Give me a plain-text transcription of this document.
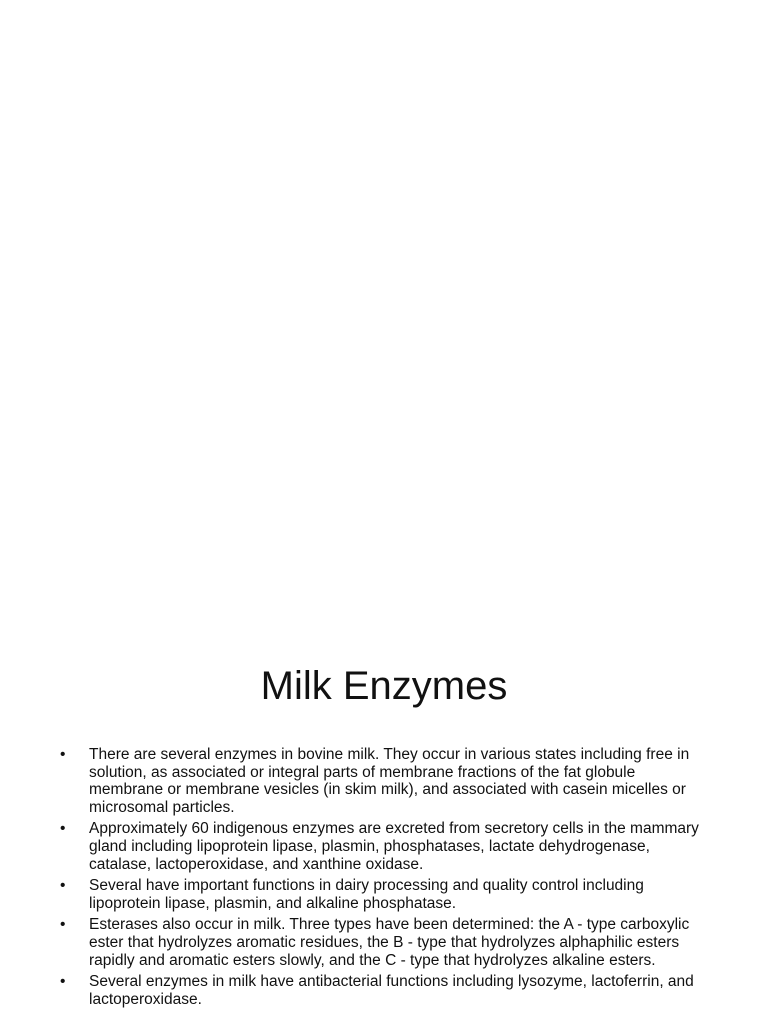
Milk Enzymes
•	There are several enzymes in bovine milk. They occur in various states including free in solution, as associated or integral parts of membrane fractions of the fat globule membrane or membrane vesicles (in skim milk), and associated with casein micelles or microsomal particles.
•	Approximately 60 indigenous enzymes are excreted from secretory cells in the mammary gland including lipoprotein lipase, plasmin, phosphatases, lactate dehydrogenase, catalase, lactoperoxidase, and xanthine oxidase.
•	Several have important functions in dairy processing and quality control including lipoprotein lipase, plasmin, and alkaline phosphatase.
•	Esterases also occur in milk. Three types have been determined: the A - type carboxylic ester that hydrolyzes aromatic residues, the B - type that hydrolyzes alphaphilic esters rapidly and aromatic esters slowly, and the C - type that hydrolyzes alkaline esters.
•	Several enzymes in milk have antibacterial functions including lysozyme, lactoferrin, and lactoperoxidase.
